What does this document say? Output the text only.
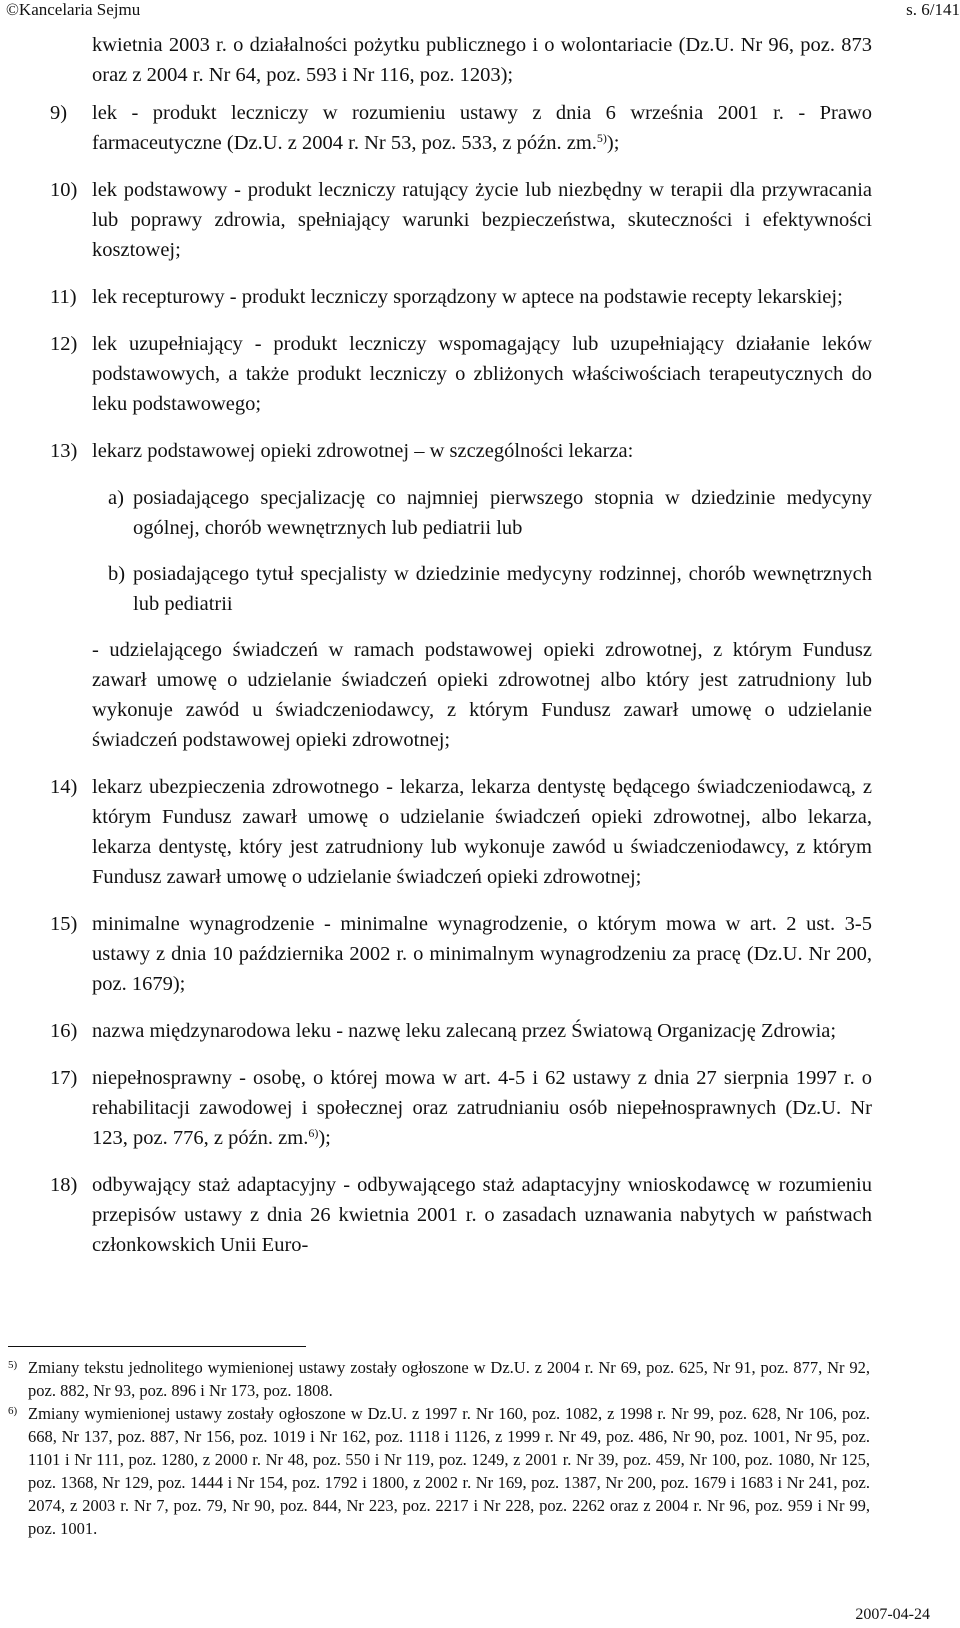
©Kancelaria Sejmu	s. 6/141
kwietnia 2003 r. o działalności pożytku publicznego i o wolontariacie (Dz.U. Nr 96, poz. 873 oraz z 2004 r. Nr 64, poz. 593 i Nr 116, poz. 1203);
9) lek - produkt leczniczy w rozumieniu ustawy z dnia 6 września 2001 r. - Prawo farmaceutyczne (Dz.U. z 2004 r. Nr 53, poz. 533, z późn. zm.$^{5)}$);
10) lek podstawowy - produkt leczniczy ratujący życie lub niezbędny w terapii dla przywracania lub poprawy zdrowia, spełniający warunki bezpieczeństwa, skuteczności i efektywności kosztowej;
11) lek recepturowy - produkt leczniczy sporządzony w aptece na podstawie recepty lekarskiej;
12) lek uzupełniający - produkt leczniczy wspomagający lub uzupełniający działanie leków podstawowych, a także produkt leczniczy o zbliżonych właściwościach terapeutycznych do leku podstawowego;
13) lekarz podstawowej opieki zdrowotnej – w szczególności lekarza:
a) posiadającego specjalizację co najmniej pierwszego stopnia w dziedzinie medycyny ogólnej, chorób wewnętrznych lub pediatrii lub
b) posiadającego tytuł specjalisty w dziedzinie medycyny rodzinnej, chorób wewnętrznych lub pediatrii
- udzielającego świadczeń w ramach podstawowej opieki zdrowotnej, z którym Fundusz zawarł umowę o udzielanie świadczeń opieki zdrowotnej albo który jest zatrudniony lub wykonuje zawód u świadczeniodawcy, z którym Fundusz zawarł umowę o udzielanie świadczeń podstawowej opieki zdrowotnej;
14) lekarz ubezpieczenia zdrowotnego - lekarza, lekarza dentystę będącego świadczeniodawcą, z którym Fundusz zawarł umowę o udzielanie świadczeń opieki zdrowotnej, albo lekarza, lekarza dentystę, który jest zatrudniony lub wykonuje zawód u świadczeniodawcy, z którym Fundusz zawarł umowę o udzielanie świadczeń opieki zdrowotnej;
15) minimalne wynagrodzenie - minimalne wynagrodzenie, o którym mowa w art. 2 ust. 3-5 ustawy z dnia 10 października 2002 r. o minimalnym wynagrodzeniu za pracę (Dz.U. Nr 200, poz. 1679);
16) nazwa międzynarodowa leku - nazwę leku zalecaną przez Światową Organizację Zdrowia;
17) niepełnosprawny - osobę, o której mowa w art. 4-5 i 62 ustawy z dnia 27 sierpnia 1997 r. o rehabilitacji zawodowej i społecznej oraz zatrudnianiu osób niepełnosprawnych (Dz.U. Nr 123, poz. 776, z późn. zm.$^{6)}$);
18) odbywający staż adaptacyjny - odbywającego staż adaptacyjny wnioskodawcę w rozumieniu przepisów ustawy z dnia 26 kwietnia 2001 r. o zasadach uznawania nabytych w państwach członkowskich Unii Euro-
5) Zmiany tekstu jednolitego wymienionej ustawy zostały ogłoszone w Dz.U. z 2004 r. Nr 69, poz. 625, Nr 91, poz. 877, Nr 92, poz. 882, Nr 93, poz. 896 i Nr 173, poz. 1808.
6) Zmiany wymienionej ustawy zostały ogłoszone w Dz.U. z 1997 r. Nr 160, poz. 1082, z 1998 r. Nr 99, poz. 628, Nr 106, poz. 668, Nr 137, poz. 887, Nr 156, poz. 1019 i Nr 162, poz. 1118 i 1126, z 1999 r. Nr 49, poz. 486, Nr 90, poz. 1001, Nr 95, poz. 1101 i Nr 111, poz. 1280, z 2000 r. Nr 48, poz. 550 i Nr 119, poz. 1249, z 2001 r. Nr 39, poz. 459, Nr 100, poz. 1080, Nr 125, poz. 1368, Nr 129, poz. 1444 i Nr 154, poz. 1792 i 1800, z 2002 r. Nr 169, poz. 1387, Nr 200, poz. 1679 i 1683 i Nr 241, poz. 2074, z 2003 r. Nr 7, poz. 79, Nr 90, poz. 844, Nr 223, poz. 2217 i Nr 228, poz. 2262 oraz z 2004 r. Nr 96, poz. 959 i Nr 99, poz. 1001.
2007-04-24
